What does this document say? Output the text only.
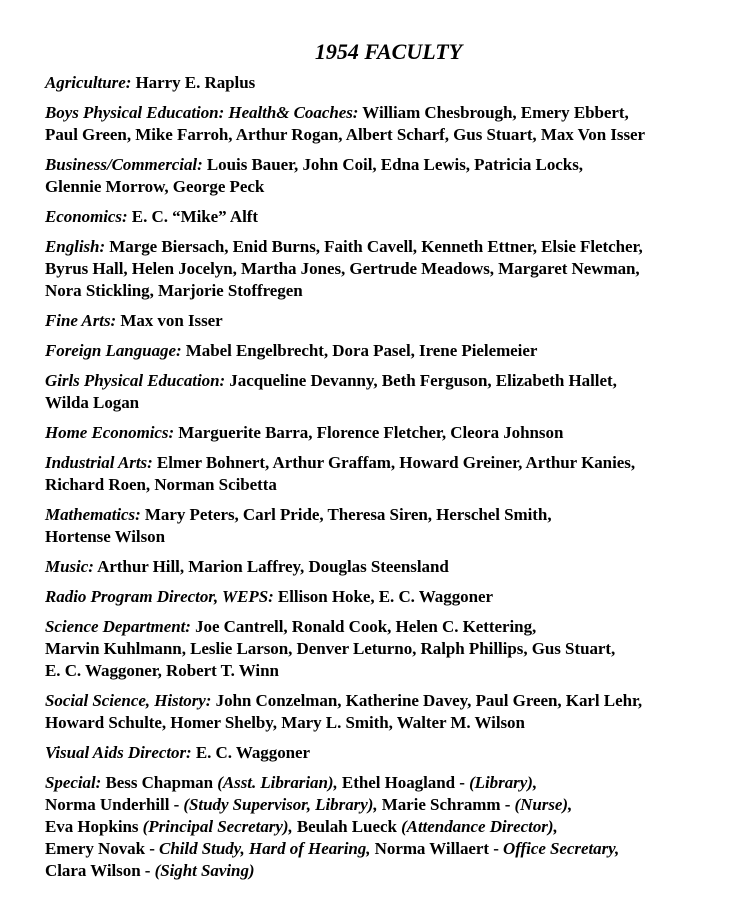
1954 FACULTY

Agriculture: Harry E. Raplus

Boys Physical Education: Health& Coaches: William Chesbrough, Emery Ebbert,
Paul Green, Mike Farroh, Arthur Rogan, Albert Scharf, Gus Stuart, Max Von Isser

Business/Commercial: Louis Bauer, John Coil, Edna Lewis, Patricia Locks,
Glennie Morrow, George Peck

Economics: E. C. “Mike” Alft

English: Marge Biersach, Enid Burns, Faith Cavell, Kenneth Ettner, Elsie Fletcher,
Byrus Hall, Helen Jocelyn, Martha Jones, Gertrude Meadows, Margaret Newman,
Nora Stickling, Marjorie Stoffregen

Fine Arts: Max von Isser

Foreign Language: Mabel Engelbrecht, Dora Pasel, Irene Pielemeier

Girls Physical Education: Jacqueline Devanny, Beth Ferguson, Elizabeth Hallet,
Wilda Logan

Home Economics: Marguerite Barra, Florence Fletcher, Cleora Johnson

Industrial Arts: Elmer Bohnert, Arthur Graffam, Howard Greiner, Arthur Kanies,
Richard Roen, Norman Scibetta

Mathematics: Mary Peters, Carl Pride, Theresa Siren, Herschel Smith,
Hortense Wilson

Music: Arthur Hill, Marion Laffrey, Douglas Steensland

Radio Program Director, WEPS: Ellison Hoke, E. C. Waggoner

Science Department: Joe Cantrell, Ronald Cook, Helen C. Kettering,
Marvin Kuhlmann, Leslie Larson, Denver Leturno, Ralph Phillips, Gus Stuart,
E. C. Waggoner, Robert T. Winn

Social Science, History: John Conzelman, Katherine Davey, Paul Green, Karl Lehr,
Howard Schulte, Homer Shelby, Mary L. Smith, Walter M. Wilson

Visual Aids Director: E. C. Waggoner

Special: Bess Chapman (Asst. Librarian), Ethel Hoagland - (Library),
Norma Underhill - (Study Supervisor, Library), Marie Schramm - (Nurse),
Eva Hopkins (Principal Secretary), Beulah Lueck (Attendance Director),
Emery Novak - Child Study, Hard of Hearing, Norma Willaert - Office Secretary,
Clara Wilson - (Sight Saving)
